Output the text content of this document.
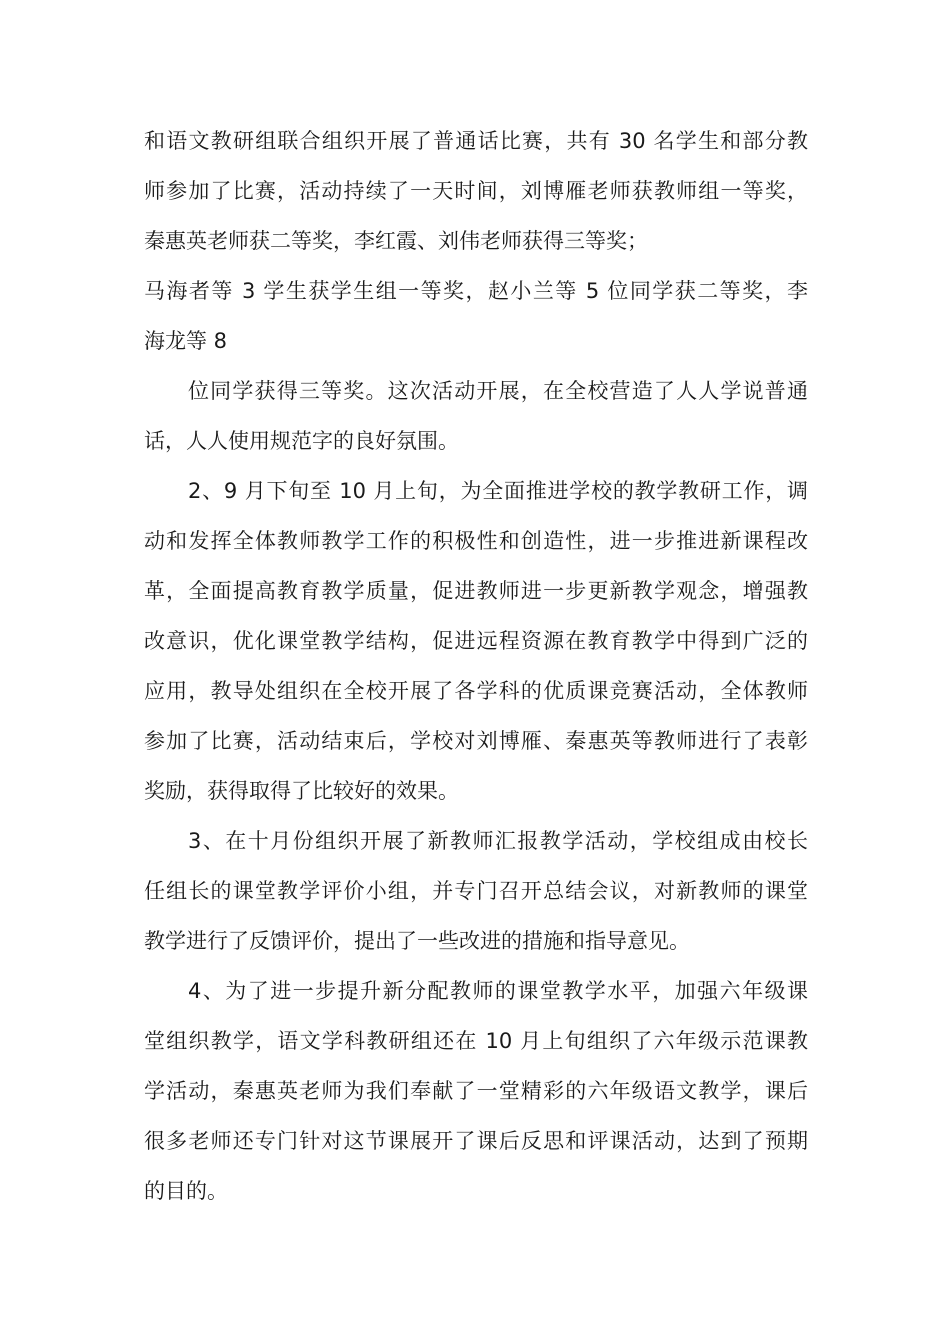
和语文教研组联合组织开展了普通话比赛，共有 30 名学生和部分教
师参加了比赛，活动持续了一天时间，刘博雁老师获教师组一等奖，
秦惠英老师获二等奖，李红霞、刘伟老师获得三等奖；
马海者等 3 学生获学生组一等奖，赵小兰等 5 位同学获二等奖，李
海龙等 8
位同学获得三等奖。这次活动开展，在全校营造了人人学说普通
话，人人使用规范字的良好氛围。
2、9 月下旬至 10 月上旬，为全面推进学校的教学教研工作，调
动和发挥全体教师教学工作的积极性和创造性，进一步推进新课程改
革，全面提高教育教学质量，促进教师进一步更新教学观念，增强教
改意识，优化课堂教学结构，促进远程资源在教育教学中得到广泛的
应用，教导处组织在全校开展了各学科的优质课竞赛活动，全体教师
参加了比赛，活动结束后，学校对刘博雁、秦惠英等教师进行了表彰
奖励，获得取得了比较好的效果。
3、在十月份组织开展了新教师汇报教学活动，学校组成由校长
任组长的课堂教学评价小组，并专门召开总结会议，对新教师的课堂
教学进行了反馈评价，提出了一些改进的措施和指导意见。
4、为了进一步提升新分配教师的课堂教学水平，加强六年级课
堂组织教学，语文学科教研组还在 10 月上旬组织了六年级示范课教
学活动，秦惠英老师为我们奉献了一堂精彩的六年级语文教学，课后
很多老师还专门针对这节课展开了课后反思和评课活动，达到了预期
的目的。
